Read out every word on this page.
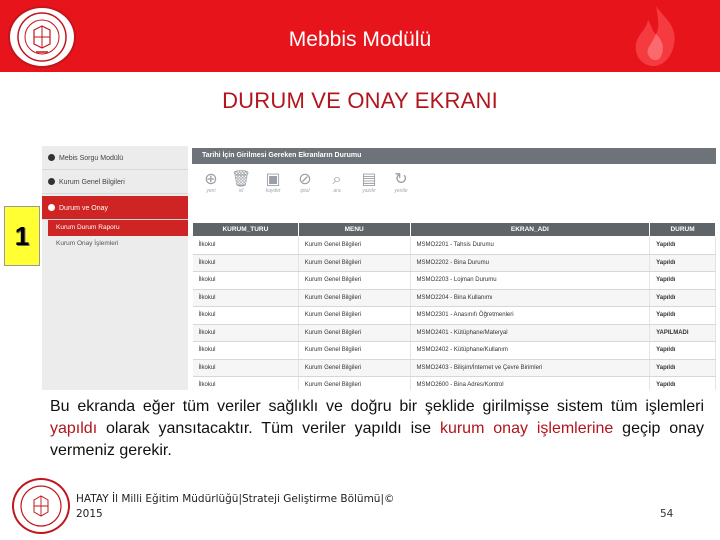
Mebbis Modülü
DURUM VE ONAY EKRANI
Mebis Sorgu Modülü
Kurum Genel Bilgileri
Durum ve Onay
Kurum Durum Raporu
Kurum Onay İşlemleri
Tarihi İçin Girilmesi Gereken Ekranların Durumu
⊕
yeni
🗑
sil
▣
kaydet
⊘
iptal
⌕
ara
▤
yazdır
↻
yenile
KURUM_TURU	MENU	EKRAN_ADI	DURUM
İlkokul	Kurum Genel Bilgileri	MSMO2201 - Tahsis Durumu	Yapıldı
İlkokul	Kurum Genel Bilgileri	MSMO2202 - Bina Durumu	Yapıldı
İlkokul	Kurum Genel Bilgileri	MSMO2203 - Lojman Durumu	Yapıldı
İlkokul	Kurum Genel Bilgileri	MSMO2204 - Bina Kullanımı	Yapıldı
İlkokul	Kurum Genel Bilgileri	MSMO2301 - Anasınıfı Öğretmenleri	Yapıldı
İlkokul	Kurum Genel Bilgileri	MSMO2401 - Kütüphane/Materyal	YAPILMADI
İlkokul	Kurum Genel Bilgileri	MSMO2402 - Kütüphane/Kullanım	Yapıldı
İlkokul	Kurum Genel Bilgileri	MSMO2403 - Bilişim/İnternet ve Çevre Birimleri	Yapıldı
İlkokul	Kurum Genel Bilgileri	MSMO2600 - Bina Adres/Kontrol	Yapıldı
1
Bu ekranda eğer tüm veriler sağlıklı ve doğru bir şeklide girilmişse sistem tüm işlemleri yapıldı olarak yansıtacaktır. Tüm veriler yapıldı ise kurum onay işlemlerine geçip onay vermeniz gerekir.
HATAY İl Milli Eğitim Müdürlüğü|Strateji Geliştirme Bölümü|©
2015	54
